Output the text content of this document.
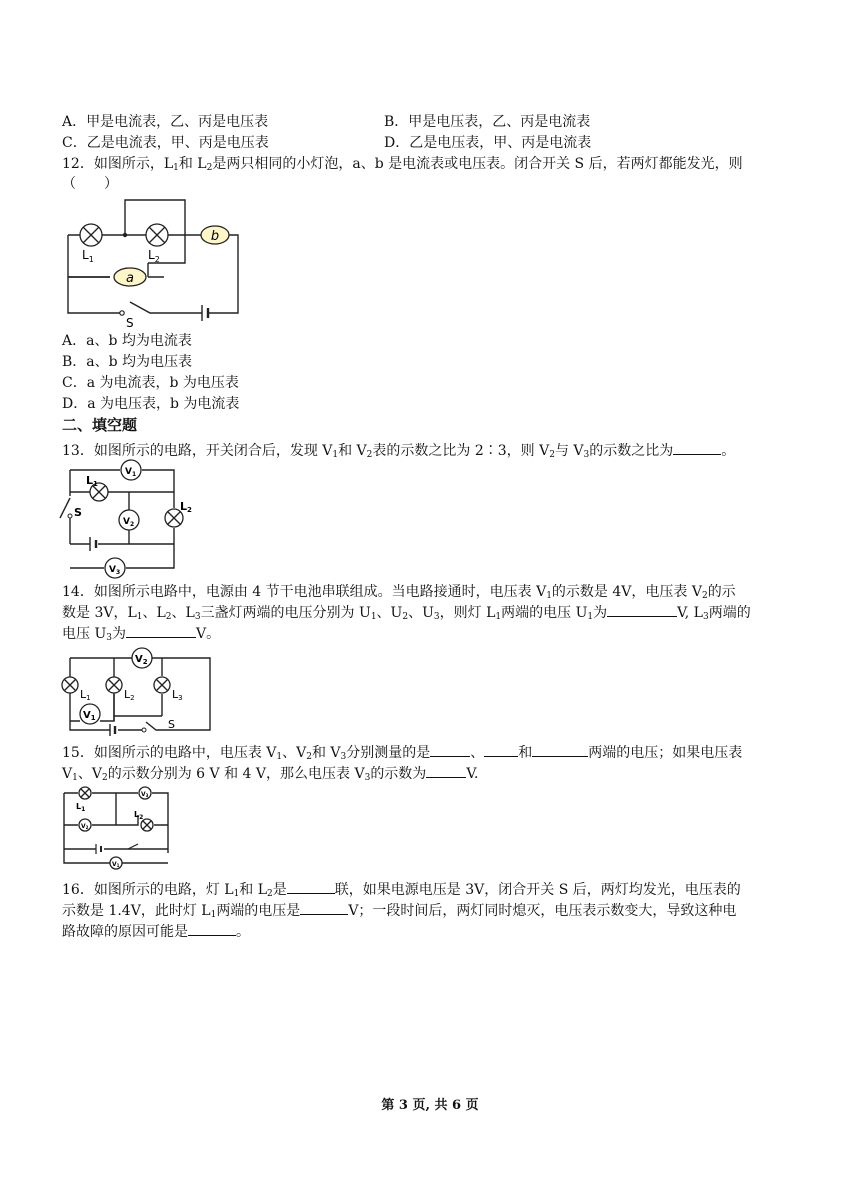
A．甲是电流表，乙、丙是电压表	B．甲是电压表，乙、丙是电流表
C．乙是电流表，甲、丙是电压表	D．乙是电压表，甲、丙是电流表
12．如图所示，$L_1$和 $L_2$是两只相同的小灯泡，a、b 是电流表或电压表。闭合开关 S 后，若两灯都能发光，则
（　　）
b
a
$L_1$	$L_2$
S
A．a、b 均为电流表
B．a、b 均为电压表
C．a 为电流表，b 为电压表
D．a 为电压表，b 为电流表
二、填空题
13．如图所示的电路，开关闭合后，发现 $V_1$和 $V_2$表的示数之比为 2∶3，则 $V_2$与 $V_3$的示数之比为	。
$V_1$
L1
$V_2$
L2
S
$V_3$
14．如图所示电路中，电源由 4 节干电池串联组成。当电路接通时，电压表 $V_1$的示数是 4V，电压表 $V_2$的示
数是 3V，$L_1$、$L_2$、$L_3$三盏灯两端的电压分别为 $U_1$、$U_2$、$U_3$，则灯 $L_1$两端的电压 $U_1$为	V, $L_3$两端的
电压 $U_3$为	V。
$V_2$
L1	L2	L3
$V_1$	S
15．如图所示的电路中，电压表 $V_1$、$V_2$和 $V_3$分别测量的是	、 和	两端的电压；如果电压表
$V_1$、$V_2$的示数分别为 6 V 和 4 V，那么电压表 $V_3$的示数为	V.
$L_1$
V3
V2
$L_2$
V1
16．如图所示的电路，灯 $L_1$和 $L_2$是	联，如果电源电压是 3V，闭合开关 S 后，两灯均发光，电压表的
示数是 1.4V，此时灯 $L_1$两端的电压是	V；一段时间后，两灯同时熄灭，电压表示数变大，导致这种电
路故障的原因可能是	。
第 3 页, 共 6 页
